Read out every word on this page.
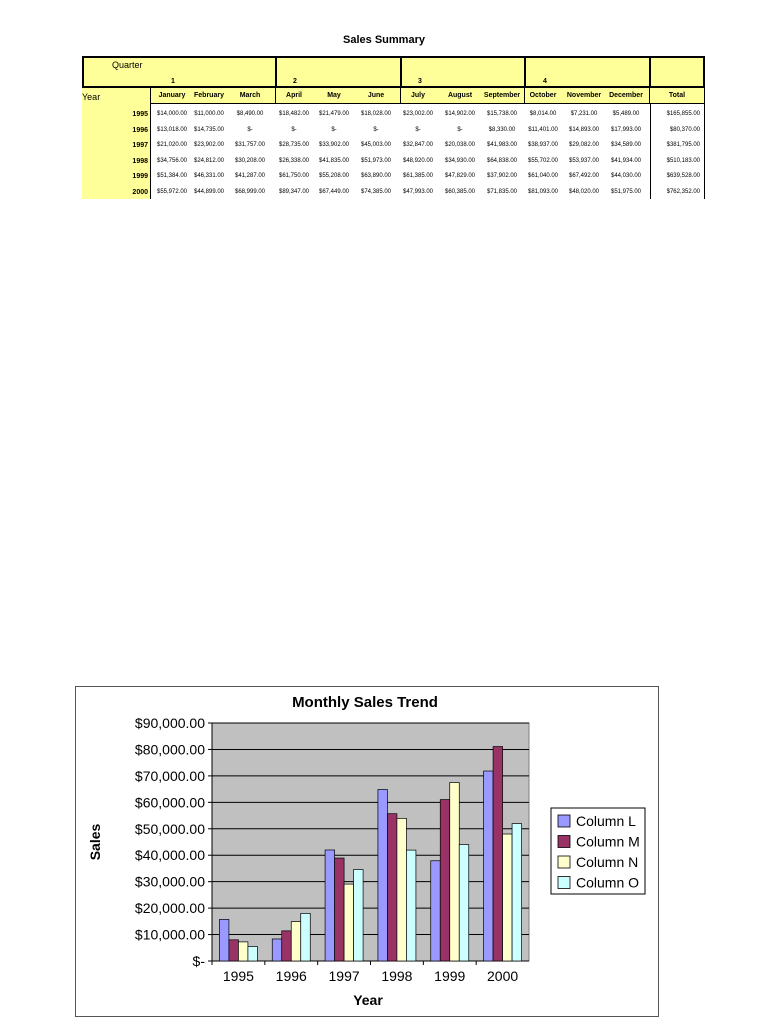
Sales Summary
Quarter
1	2	3	4
Year	January	February	March	April	May	June	July	August	September	October	November	December	Total
1995	$14,000.00	$11,000.00	$8,490.00	$18,482.00	$21,479.00	$18,028.00	$23,002.00	$14,902.00	$15,738.00	$8,014.00	$7,231.00	$5,489.00	$165,855.00
1996	$13,018.00	$14,735.00	$-	$-	$-	$-	$-	$-	$8,330.00	$11,401.00	$14,893.00	$17,993.00	$80,370.00
1997	$21,020.00	$23,902.00	$31,757.00	$28,735.00	$33,902.00	$45,003.00	$32,847.00	$20,038.00	$41,983.00	$38,937.00	$29,082.00	$34,589.00	$381,795.00
1998	$34,756.00	$24,812.00	$30,208.00	$26,338.00	$41,835.00	$51,973.00	$48,920.00	$34,930.00	$64,838.00	$55,702.00	$53,937.00	$41,934.00	$510,183.00
1999	$51,384.00	$46,331.00	$41,287.00	$61,750.00	$55,208.00	$63,890.00	$61,385.00	$47,829.00	$37,902.00	$61,040.00	$67,492.00	$44,030.00	$639,528.00
2000	$55,972.00	$44,899.00	$68,999.00	$89,347.00	$67,449.00	$74,385.00	$47,993.00	$60,385.00	$71,835.00	$81,093.00	$48,020.00	$51,975.00	$762,352.00
Monthly Sales Trend
Sales
Year
$-
$10,000.00
$20,000.00
$30,000.00
$40,000.00
$50,000.00
$60,000.00
$70,000.00
$80,000.00
$90,000.00
1995 1996 1997 1998 1999 2000
Column L
Column M
Column N
Column O
